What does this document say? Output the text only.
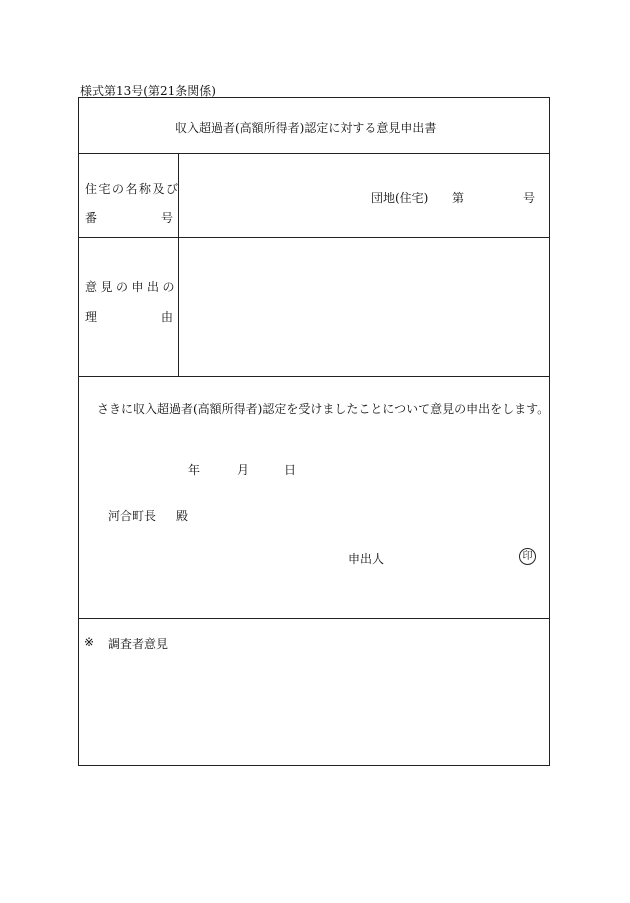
様式第13号(第21条関係)
収入超過者(高額所得者)認定に対する意見申出書
住宅の名称及び
番	号
団地(住宅) 第	号
意見の申出の
理	由
さきに収入超過者(高額所得者)認定を受けましたことについて意見の申出をします。
年	月	日
河合町長 殿
申出人	印
※ 調査者意見
